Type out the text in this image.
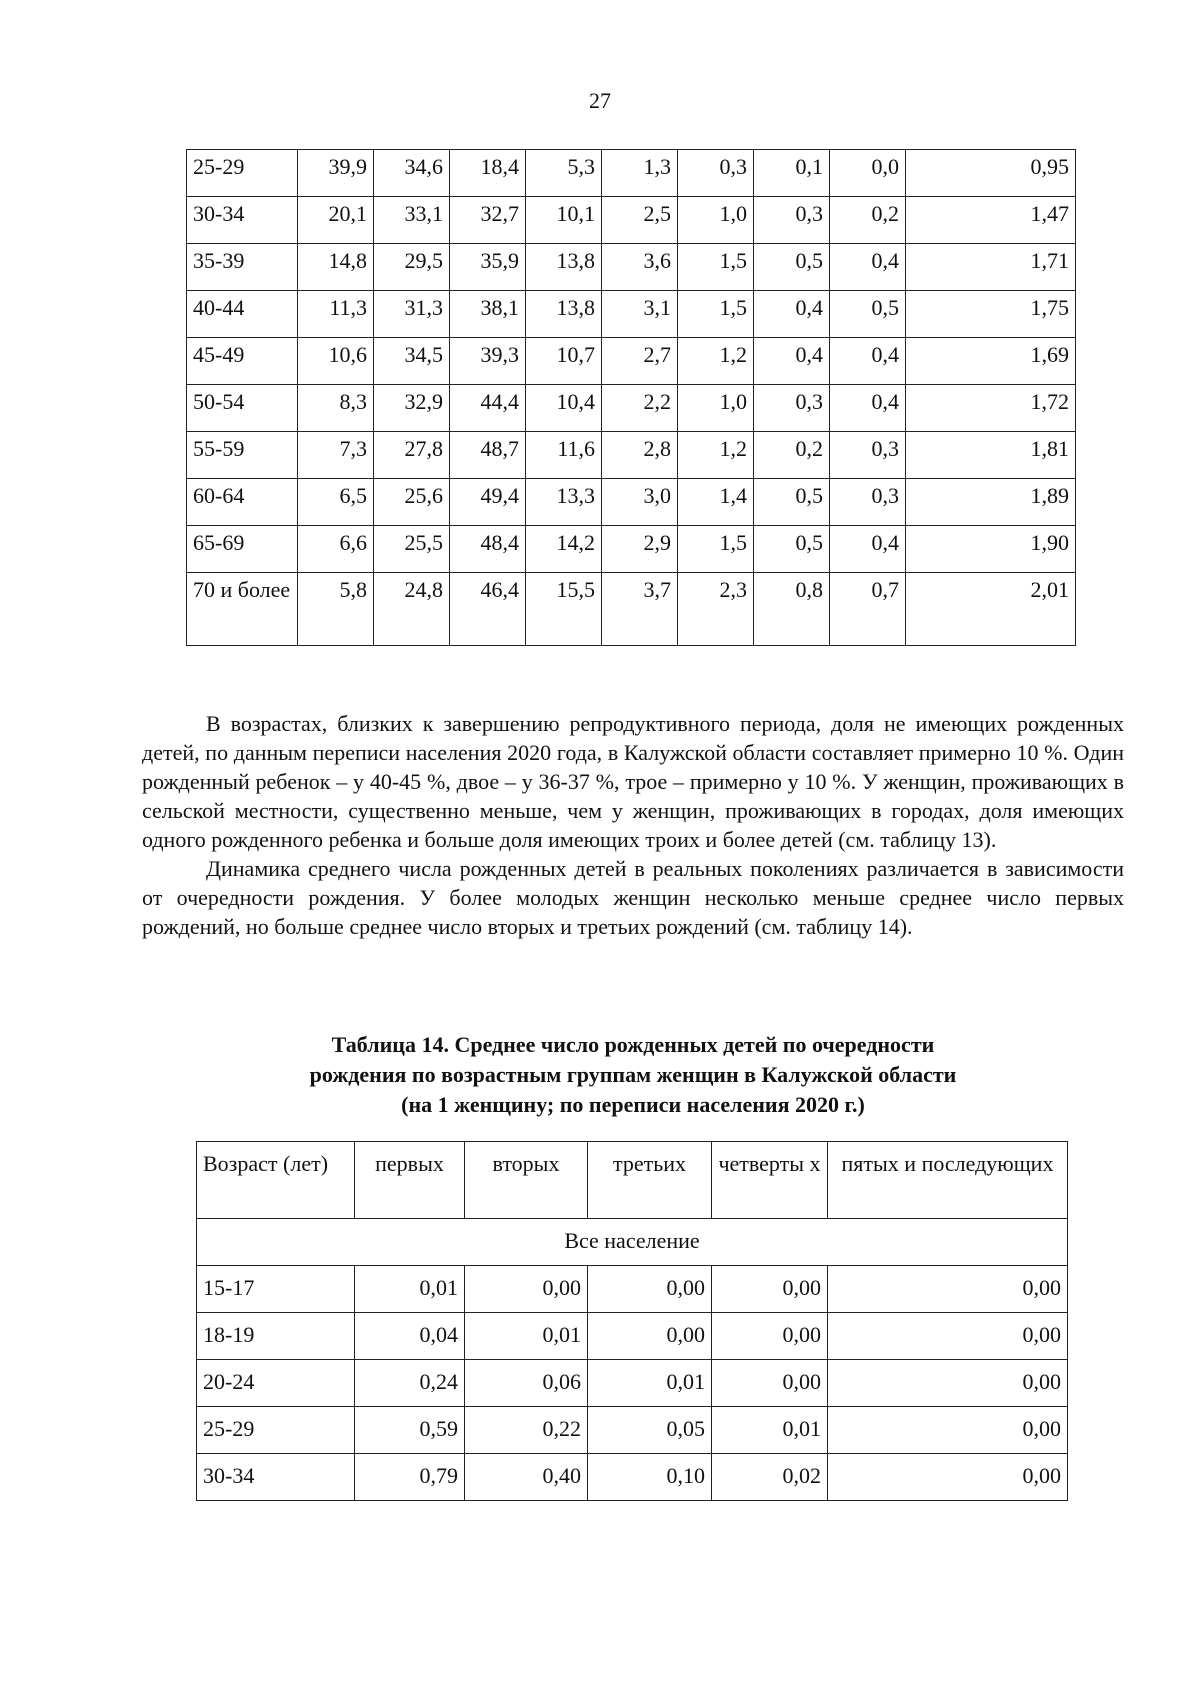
27
25-29	39,9	34,6	18,4	5,3	1,3	0,3	0,1	0,0	0,95
30-34	20,1	33,1	32,7	10,1	2,5	1,0	0,3	0,2	1,47
35-39	14,8	29,5	35,9	13,8	3,6	1,5	0,5	0,4	1,71
40-44	11,3	31,3	38,1	13,8	3,1	1,5	0,4	0,5	1,75
45-49	10,6	34,5	39,3	10,7	2,7	1,2	0,4	0,4	1,69
50-54	8,3	32,9	44,4	10,4	2,2	1,0	0,3	0,4	1,72
55-59	7,3	27,8	48,7	11,6	2,8	1,2	0,2	0,3	1,81
60-64	6,5	25,6	49,4	13,3	3,0	1,4	0,5	0,3	1,89
65-69	6,6	25,5	48,4	14,2	2,9	1,5	0,5	0,4	1,90
70 и более	5,8	24,8	46,4	15,5	3,7	2,3	0,8	0,7	2,01

В возрастах, близких к завершению репродуктивного периода, доля не имеющих рожденных детей, по данным переписи населения 2020 года, в Калужской области составляет примерно 10 %. Один рожденный ребенок – у 40-45 %, двое – у 36-37 %, трое – примерно у 10 %. У женщин, проживающих в сельской местности, существенно меньше, чем у женщин, проживающих в городах, доля имеющих одного рожденного ребенка и больше доля имеющих троих и более детей (см. таблицу 13).

Динамика среднего числа рожденных детей в реальных поколениях различается в зависимости от очередности рождения. У более молодых женщин несколько меньше среднее число первых рождений, но больше среднее число вторых и третьих рождений (см. таблицу 14).

Таблица 14. Среднее число рожденных детей по очередности
рождения по возрастным группам женщин в Калужской области
(на 1 женщину; по переписи населения 2020 г.)
Возраст (лет)	первых	вторых	третьих	четверты х	пятых и последующих
Все население					
15-17	0,01	0,00	0,00	0,00	0,00
18-19	0,04	0,01	0,00	0,00	0,00
20-24	0,24	0,06	0,01	0,00	0,00
25-29	0,59	0,22	0,05	0,01	0,00
30-34	0,79	0,40	0,10	0,02	0,00
